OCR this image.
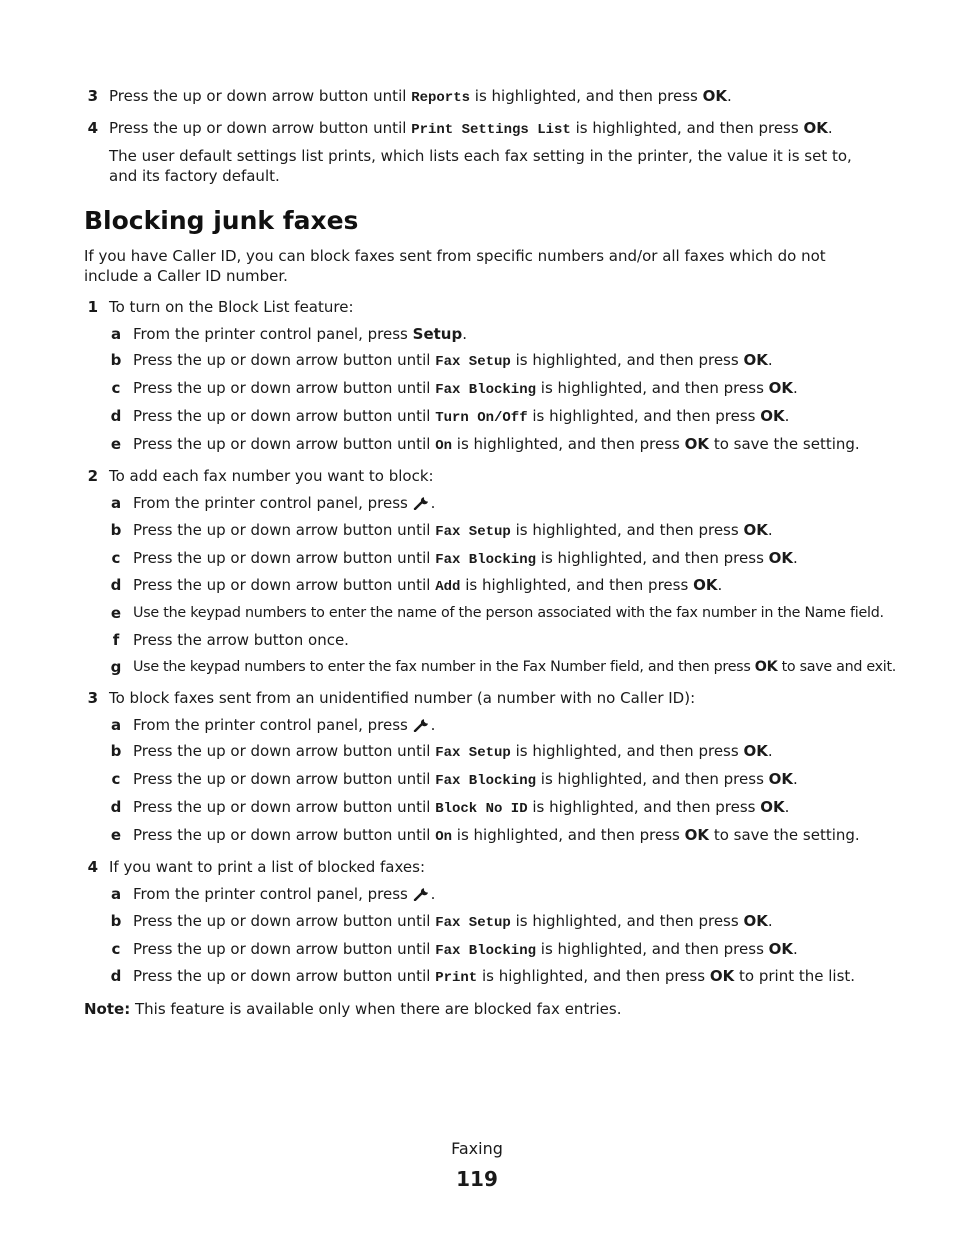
3 Press the up or down arrow button until Reports is highlighted, and then press OK.
4 Press the up or down arrow button until Print Settings List is highlighted, and then press OK.
The user default settings list prints, which lists each fax setting in the printer, the value it is set to, and its factory default.
Blocking junk faxes
If you have Caller ID, you can block faxes sent from specific numbers and/or all faxes which do not include a Caller ID number.
1 To turn on the Block List feature:
a From the printer control panel, press Setup.
b Press the up or down arrow button until Fax Setup is highlighted, and then press OK.
c Press the up or down arrow button until Fax Blocking is highlighted, and then press OK.
d Press the up or down arrow button until Turn On/Off is highlighted, and then press OK.
e Press the up or down arrow button until On is highlighted, and then press OK to save the setting.
2 To add each fax number you want to block:
a From the printer control panel, press .
b Press the up or down arrow button until Fax Setup is highlighted, and then press OK.
c Press the up or down arrow button until Fax Blocking is highlighted, and then press OK.
d Press the up or down arrow button until Add is highlighted, and then press OK.
e Use the keypad numbers to enter the name of the person associated with the fax number in the Name field.
f Press the arrow button once.
g Use the keypad numbers to enter the fax number in the Fax Number field, and then press OK to save and exit.
3 To block faxes sent from an unidentified number (a number with no Caller ID):
a From the printer control panel, press .
b Press the up or down arrow button until Fax Setup is highlighted, and then press OK.
c Press the up or down arrow button until Fax Blocking is highlighted, and then press OK.
d Press the up or down arrow button until Block No ID is highlighted, and then press OK.
e Press the up or down arrow button until On is highlighted, and then press OK to save the setting.
4 If you want to print a list of blocked faxes:
a From the printer control panel, press .
b Press the up or down arrow button until Fax Setup is highlighted, and then press OK.
c Press the up or down arrow button until Fax Blocking is highlighted, and then press OK.
d Press the up or down arrow button until Print is highlighted, and then press OK to print the list.
Note: This feature is available only when there are blocked fax entries.
Faxing
119
